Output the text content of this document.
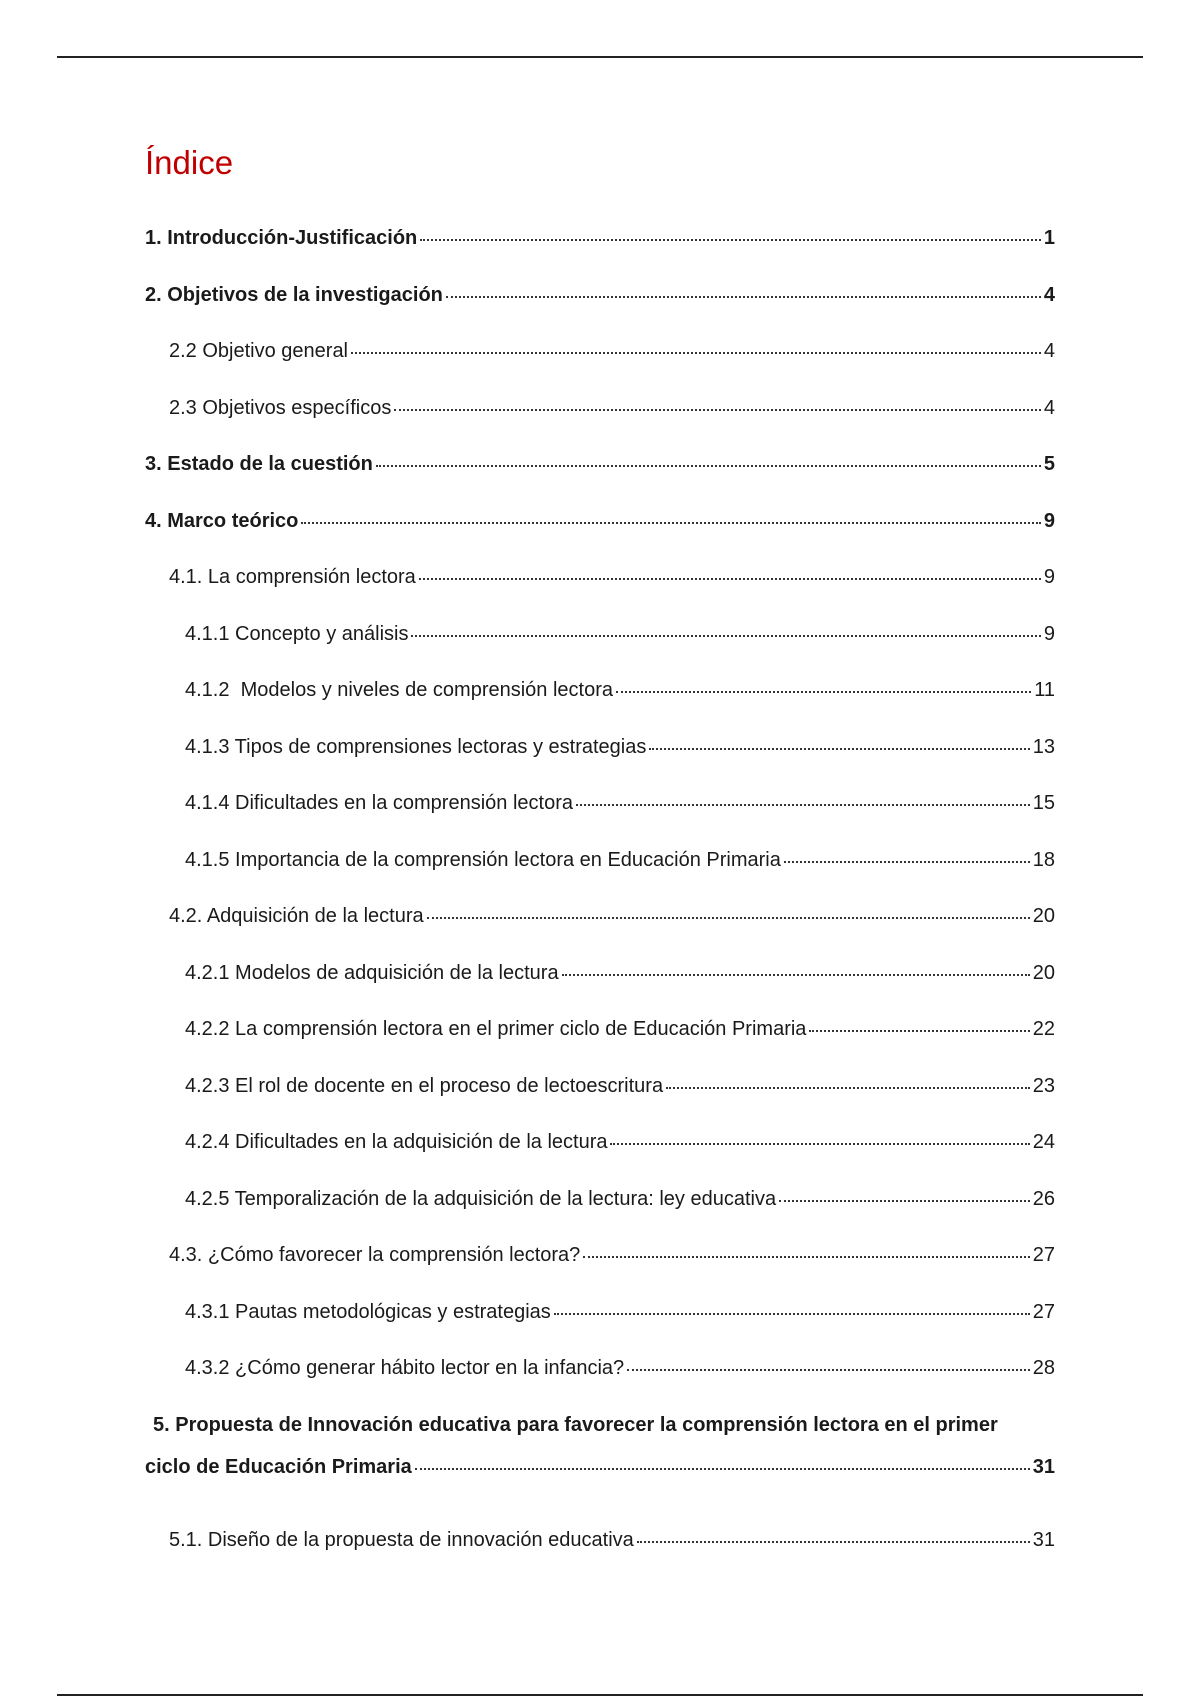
Índice
1. Introducción-Justificación	1
2. Objetivos de la investigación	4
2.2 Objetivo general	4
2.3 Objetivos específicos	4
3. Estado de la cuestión	5
4. Marco teórico	9
4.1. La comprensión lectora	9
4.1.1 Concepto y análisis	9
4.1.2  Modelos y niveles de comprensión lectora	11
4.1.3 Tipos de comprensiones lectoras y estrategias	13
4.1.4 Dificultades en la comprensión lectora	15
4.1.5 Importancia de la comprensión lectora en Educación Primaria	18
4.2. Adquisición de la lectura	20
4.2.1 Modelos de adquisición de la lectura	20
4.2.2 La comprensión lectora en el primer ciclo de Educación Primaria	22
4.2.3 El rol de docente en el proceso de lectoescritura	23
4.2.4 Dificultades en la adquisición de la lectura	24
4.2.5 Temporalización de la adquisición de la lectura: ley educativa	26
4.3. ¿Cómo favorecer la comprensión lectora?	27
4.3.1 Pautas metodológicas y estrategias	27
4.3.2 ¿Cómo generar hábito lector en la infancia?	28
5. Propuesta de Innovación educativa para favorecer la comprensión lectora en el primer
ciclo de Educación Primaria	31
5.1. Diseño de la propuesta de innovación educativa	31
